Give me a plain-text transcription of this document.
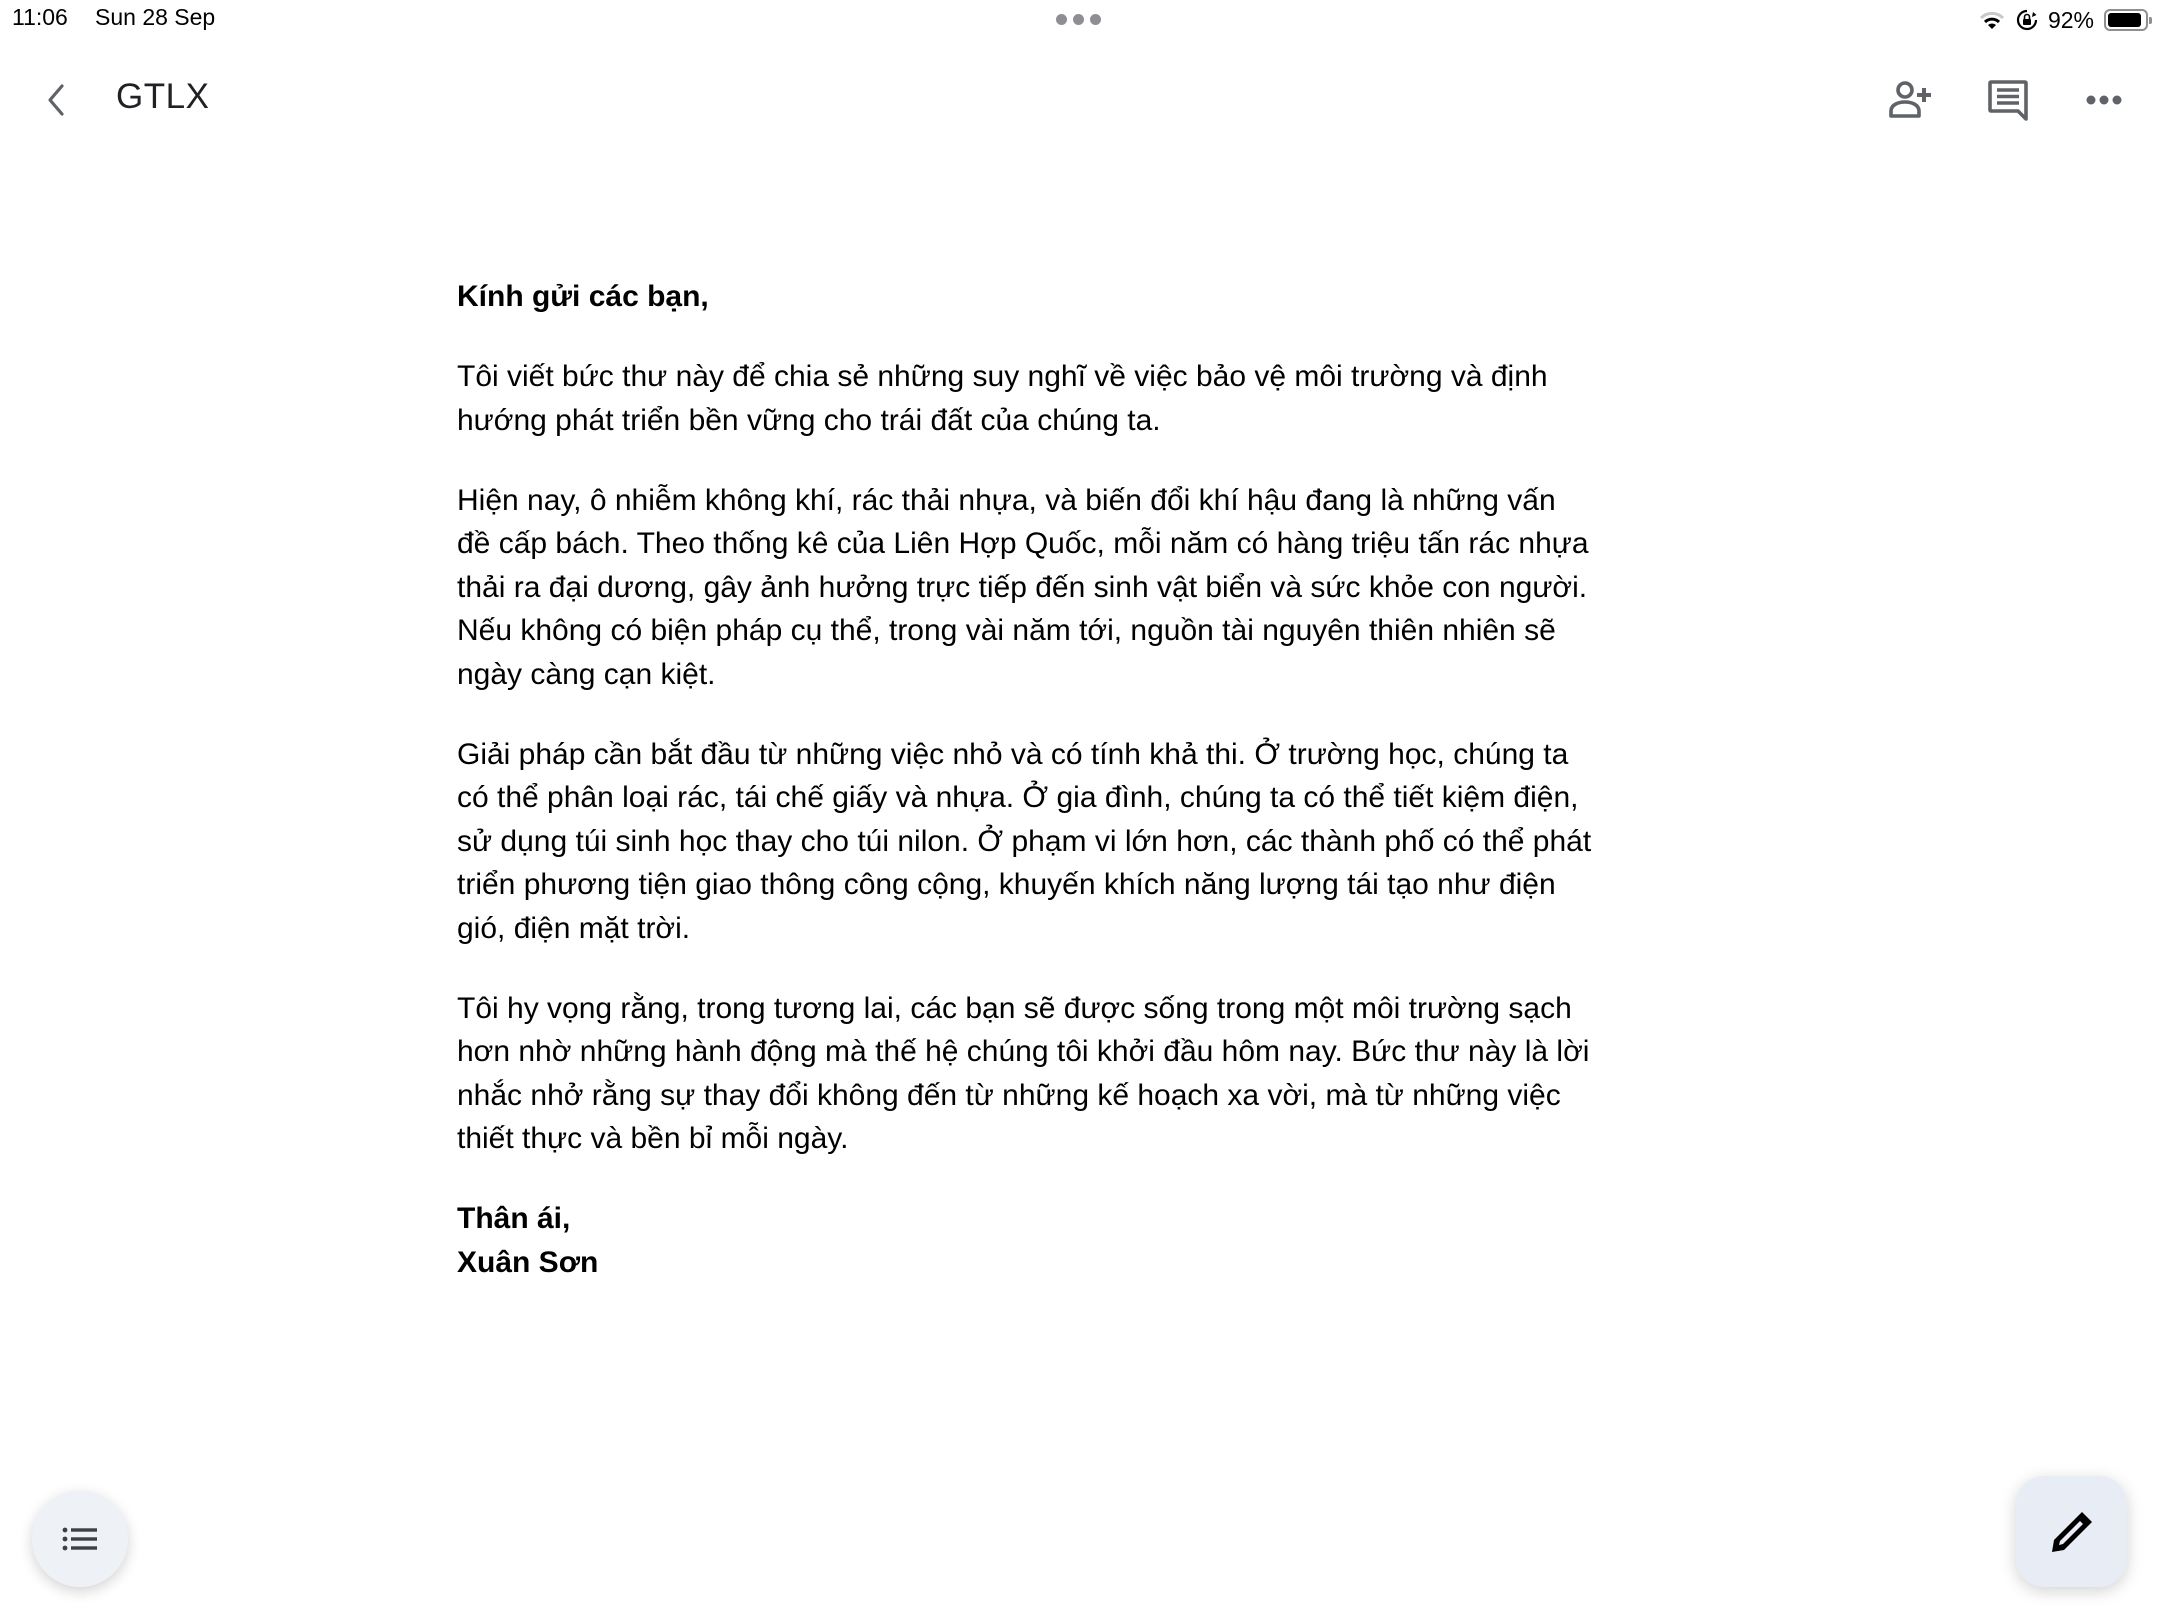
11:06 Sun 28 Sep	92%
GTLX

Kính gửi các bạn,

Tôi viết bức thư này để chia sẻ những suy nghĩ về việc bảo vệ môi trường và định
hướng phát triển bền vững cho trái đất của chúng ta.

Hiện nay, ô nhiễm không khí, rác thải nhựa, và biến đổi khí hậu đang là những vấn
đề cấp bách. Theo thống kê của Liên Hợp Quốc, mỗi năm có hàng triệu tấn rác nhựa
thải ra đại dương, gây ảnh hưởng trực tiếp đến sinh vật biển và sức khỏe con người.
Nếu không có biện pháp cụ thể, trong vài năm tới, nguồn tài nguyên thiên nhiên sẽ
ngày càng cạn kiệt.

Giải pháp cần bắt đầu từ những việc nhỏ và có tính khả thi. Ở trường học, chúng ta
có thể phân loại rác, tái chế giấy và nhựa. Ở gia đình, chúng ta có thể tiết kiệm điện,
sử dụng túi sinh học thay cho túi nilon. Ở phạm vi lớn hơn, các thành phố có thể phát
triển phương tiện giao thông công cộng, khuyến khích năng lượng tái tạo như điện
gió, điện mặt trời.

Tôi hy vọng rằng, trong tương lai, các bạn sẽ được sống trong một môi trường sạch
hơn nhờ những hành động mà thế hệ chúng tôi khởi đầu hôm nay. Bức thư này là lời
nhắc nhở rằng sự thay đổi không đến từ những kế hoạch xa vời, mà từ những việc
thiết thực và bền bỉ mỗi ngày.

Thân ái,
Xuân Sơn
